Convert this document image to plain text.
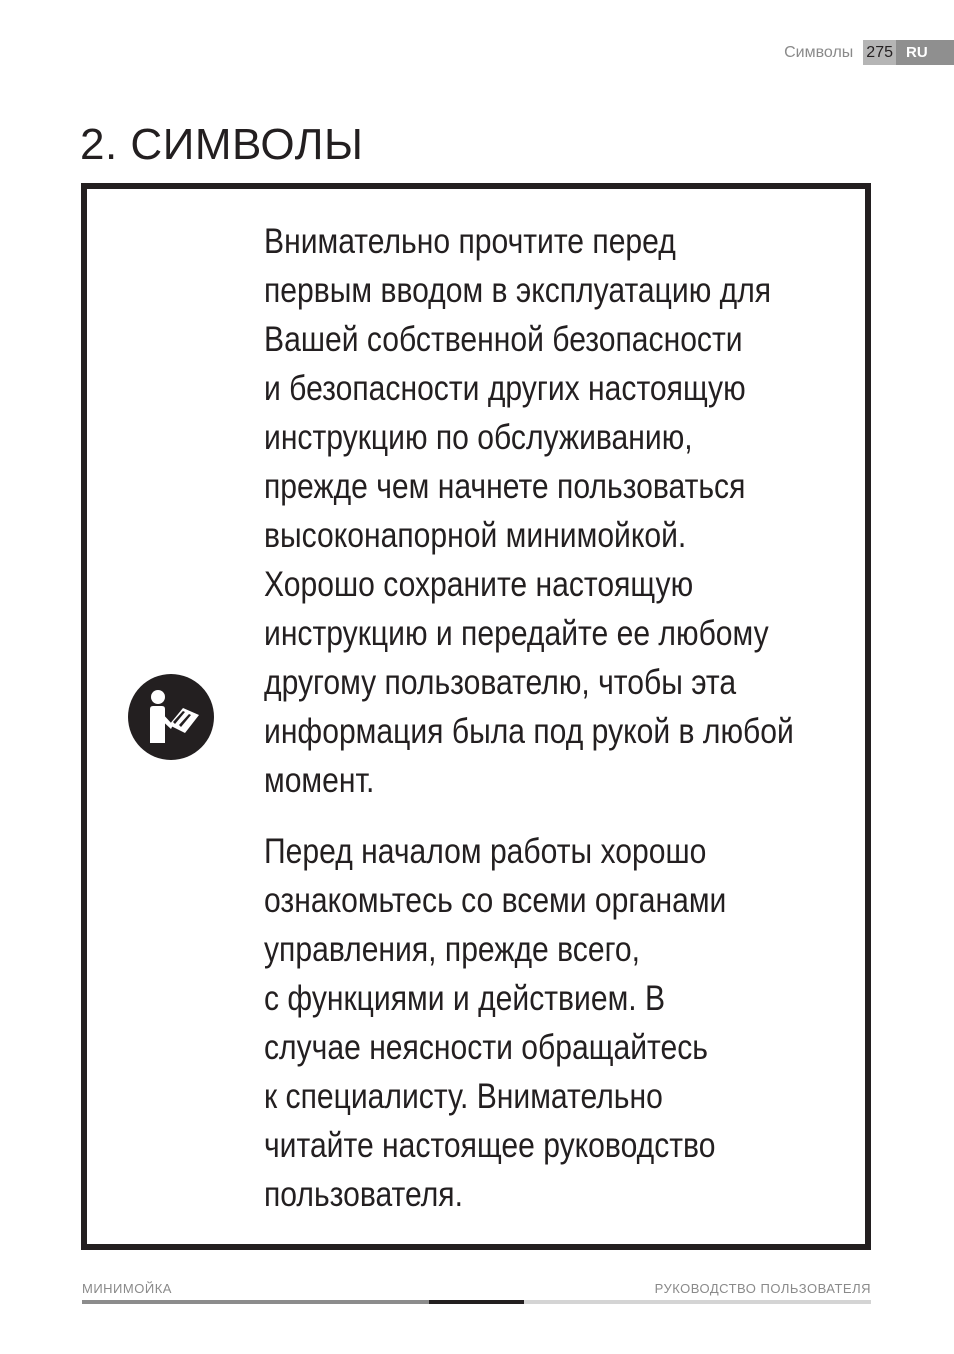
Символы 275 RU
2. СИМВОЛЫ

Внимательно прочтите перед
первым вводом в эксплуатацию для
Вашей собственной безопасности
и безопасности других настоящую
инструкцию по обслуживанию,
прежде чем начнете пользоваться
высоконапорной минимойкой.
Хорошо сохраните настоящую
инструкцию и передайте ее любому
другому пользователю, чтобы эта
информация была под рукой в любой
момент.

Перед началом работы хорошо
ознакомьтесь со всеми органами
управления, прежде всего,
с функциями и действием. В
случае неясности обращайтесь
к специалисту. Внимательно
читайте настоящее руководство
пользователя.

МИНИМОЙКА	РУКОВОДСТВО ПОЛЬЗОВАТЕЛЯ
